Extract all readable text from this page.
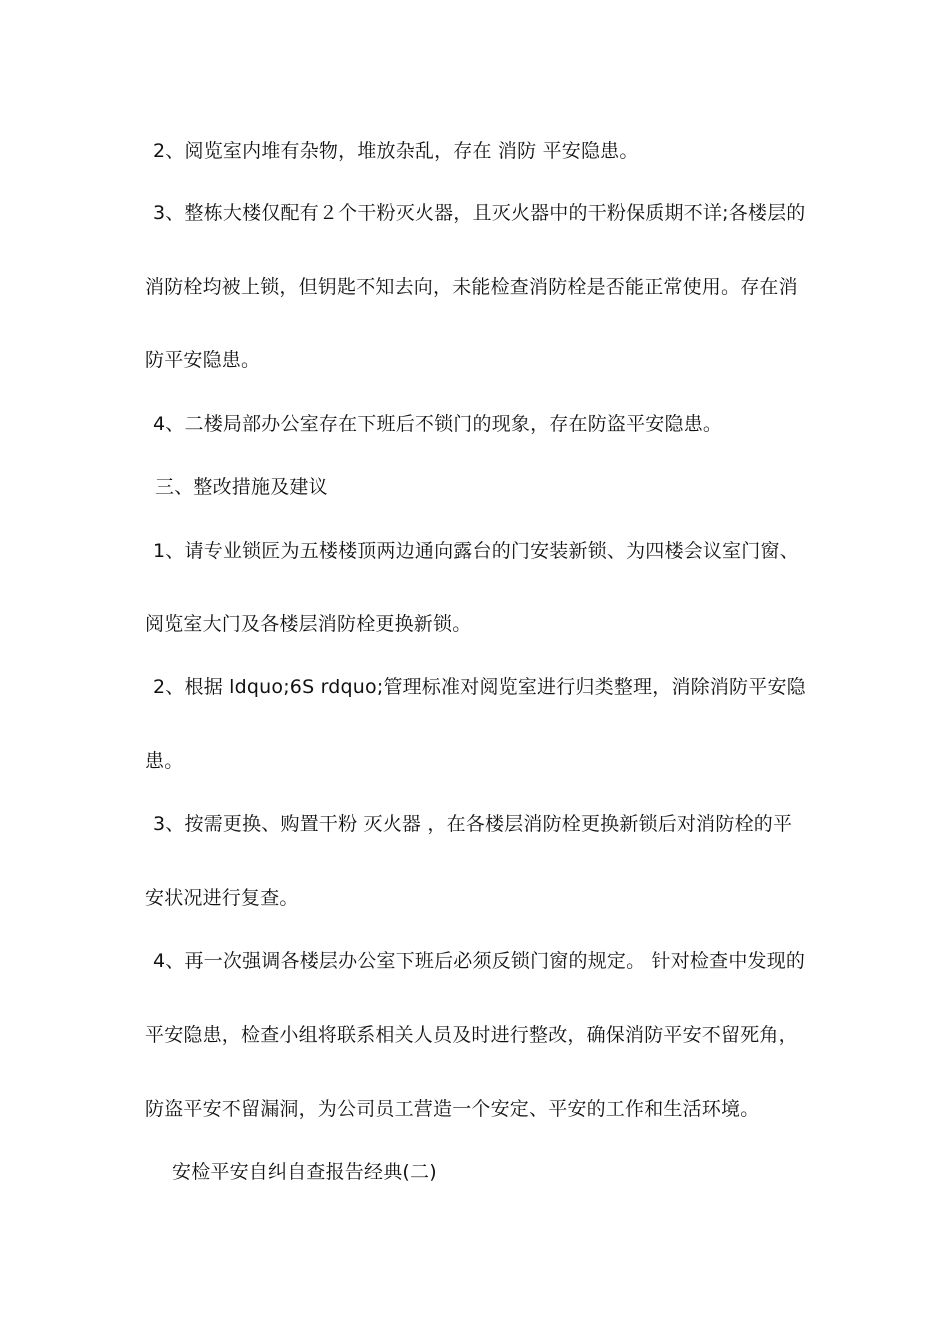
2、阅览室内堆有杂物，堆放杂乱，存在 消防 平安隐患。
3、整栋大楼仅配有２个干粉灭火器，且灭火器中的干粉保质期不详;各楼层的
消防栓均被上锁，但钥匙不知去向，未能检查消防栓是否能正常使用。存在消
防平安隐患。
4、二楼局部办公室存在下班后不锁门的现象，存在防盗平安隐患。
三、整改措施及建议
1、请专业锁匠为五楼楼顶两边通向露台的门安装新锁、为四楼会议室门窗、
阅览室大门及各楼层消防栓更换新锁。
2、根据 ldquo;6S rdquo;管理标准对阅览室进行归类整理，消除消防平安隐
患。
3、按需更换、购置干粉 灭火器 ，在各楼层消防栓更换新锁后对消防栓的平
安状况进行复查。
4、再一次强调各楼层办公室下班后必须反锁门窗的规定。 针对检查中发现的
平安隐患，检查小组将联系相关人员及时进行整改，确保消防平安不留死角，
防盗平安不留漏洞，为公司员工营造一个安定、平安的工作和生活环境。
安检平安自纠自查报告经典(二)
